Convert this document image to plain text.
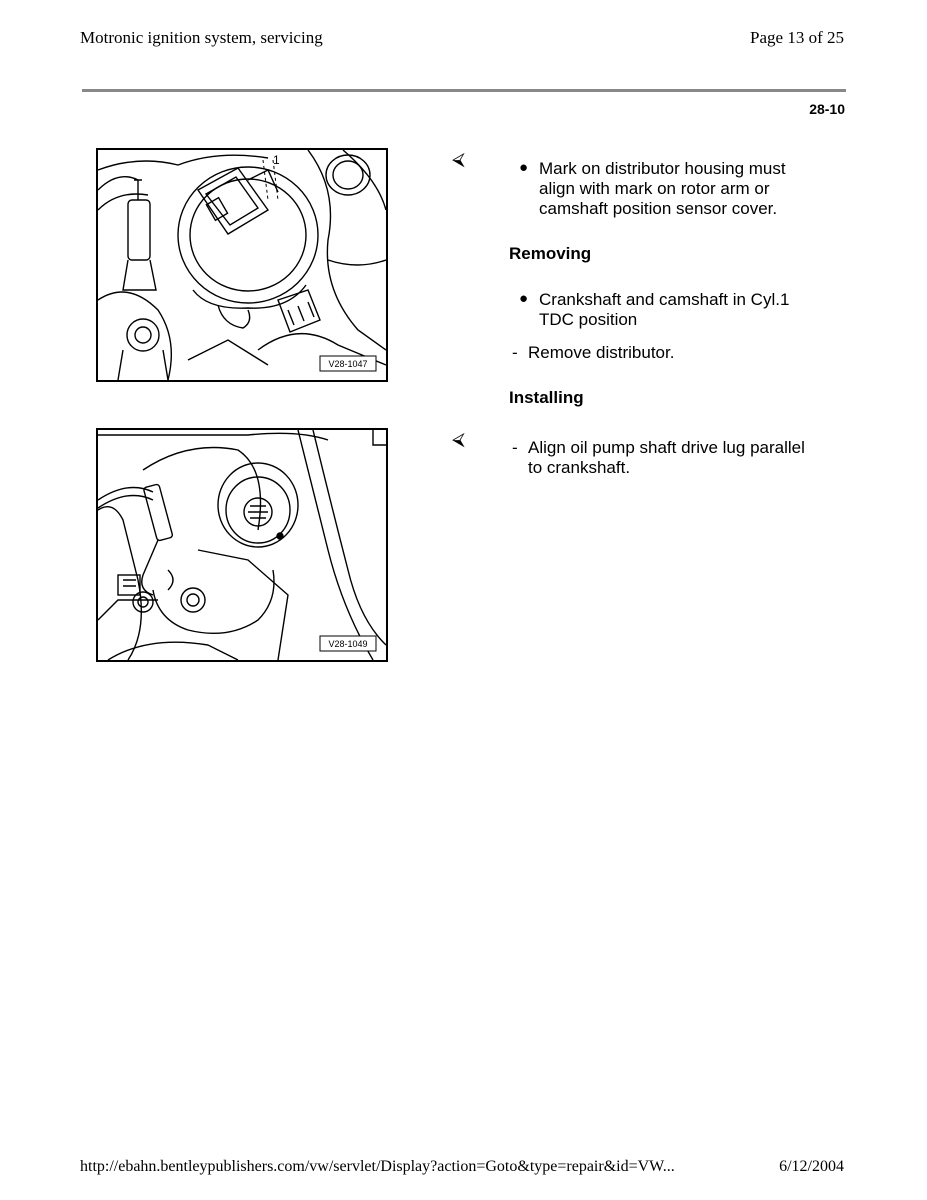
Motronic ignition system, servicing	Page 13 of 25
28-10
1
V28-1047
⮘	● Mark on distributor housing must
align with mark on rotor arm or
camshaft position sensor cover.
Removing
● Crankshaft and camshaft in Cyl.1
TDC position
- Remove distributor.
Installing
V28-1049
⮘	- Align oil pump shaft drive lug parallel
to crankshaft.
http://ebahn.bentleypublishers.com/vw/servlet/Display?action=Goto&type=repair&id=VW...	6/12/2004
